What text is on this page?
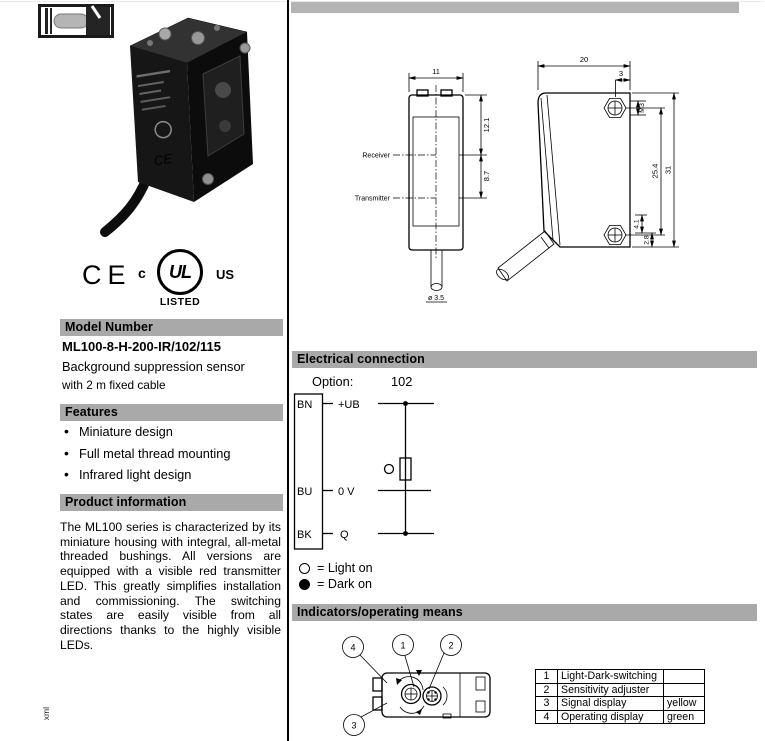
CE
CE c	UL	US
LISTED
Model Number
ML100-8-H-200-IR/102/115
Background suppression sensor
with 2 m fixed cable
Features
• Miniature design
• Full metal thread mounting
• Infrared light design
Product information
The ML100 series is characterized by its miniature housing with integral, all-metal threaded bushings. All versions are equipped with a visible red transmitter LED. This greatly simplifies installation and commissioning. The switching states are easily visible from all directions thanks to the highly visible LEDs.
xml
11
12.1
8.7
Receiver
Transmitter
ø 3.5
20
3
M3
25.4 31
4.1
2.8
Electrical connection
Option:	102
BN
BU
BK
+UB
0 V
Q
= Light on
= Dark on
Indicators/operating means
4	1	2
3
1	Light-Dark-switching	
2	Sensitivity adjuster	
3	Signal display	yellow
4	Operating display	green
